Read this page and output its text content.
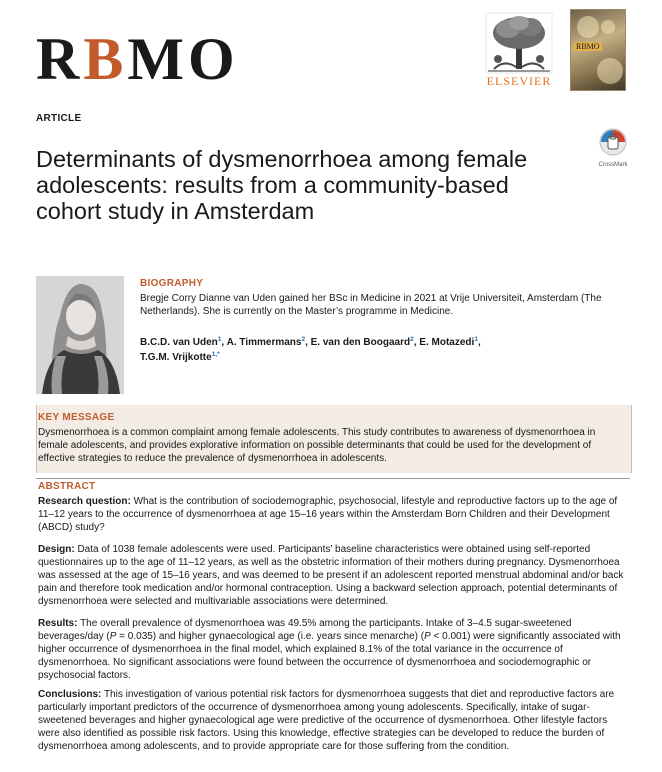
RBMO	ELSEVIER
RBMO
ARTICLE
Determinants of dysmenorrhoea among female adolescents: results from a community-based cohort study in Amsterdam
CrossMark
BIOGRAPHY

Bregje Corry Dianne van Uden gained her BSc in Medicine in 2021 at Vrije Universiteit, Amsterdam (The Netherlands). She is currently on the Master’s programme in Medicine.

B.C.D. van Uden$^1$, A. Timmermans$^2$, E. van den Boogaard$^2$, E. Motazedi$^1$,
T.G.M. Vrijkotte$^{1,*}$

KEY MESSAGE

Dysmenorrhoea is a common complaint among female adolescents. This study contributes to awareness of dysmenorrhoea in female adolescents, and provides explorative information on possible determinants that could be used for the development of effective strategies to reduce the prevalence of dysmenorrhoea in adolescents.

ABSTRACT

Research question: What is the contribution of sociodemographic, psychosocial, lifestyle and reproductive factors up to the age of 11–12 years to the occurrence of dysmenorrhoea at age 15–16 years within the Amsterdam Born Children and their Development (ABCD) study?

Design: Data of 1038 female adolescents were used. Participants’ baseline characteristics were obtained using self-reported questionnaires up to the age of 11–12 years, as well as the obstetric information of their mothers during pregnancy. Dysmenorrhoea was assessed at the age of 15–16 years, and was deemed to be present if an adolescent reported menstrual abdominal and/or back pain and therefore took medication and/or hormonal contraception. Using a backward selection approach, potential determinants of dysmenorrhoea were selected and multivariable associations were determined.

Results: The overall prevalence of dysmenorrhoea was 49.5% among the participants. Intake of 3–4.5 sugar-sweetened beverages/day (P = 0.035) and higher gynaecological age (i.e. years since menarche) (P < 0.001) were significantly associated with higher occurrence of dysmenorrhoea in the final model, which explained 8.1% of the total variance in the occurrence of dysmenorrhoea. No significant associations were found between the occurrence of dysmenorrhoea and sociodemographic or psychosocial factors.

Conclusions: This investigation of various potential risk factors for dysmenorrhoea suggests that diet and reproductive factors are particularly important predictors of the occurrence of dysmenorrhoea among young adolescents. Specifically, intake of sugar-sweetened beverages and higher gynaecological age were predictive of the occurrence of dysmenorrhoea. Other lifestyle factors were also identified as possible risk factors. Using this knowledge, effective strategies can be developed to reduce the burden of dysmenorrhoea among adolescents, and to provide appropriate care for those suffering from the condition.
